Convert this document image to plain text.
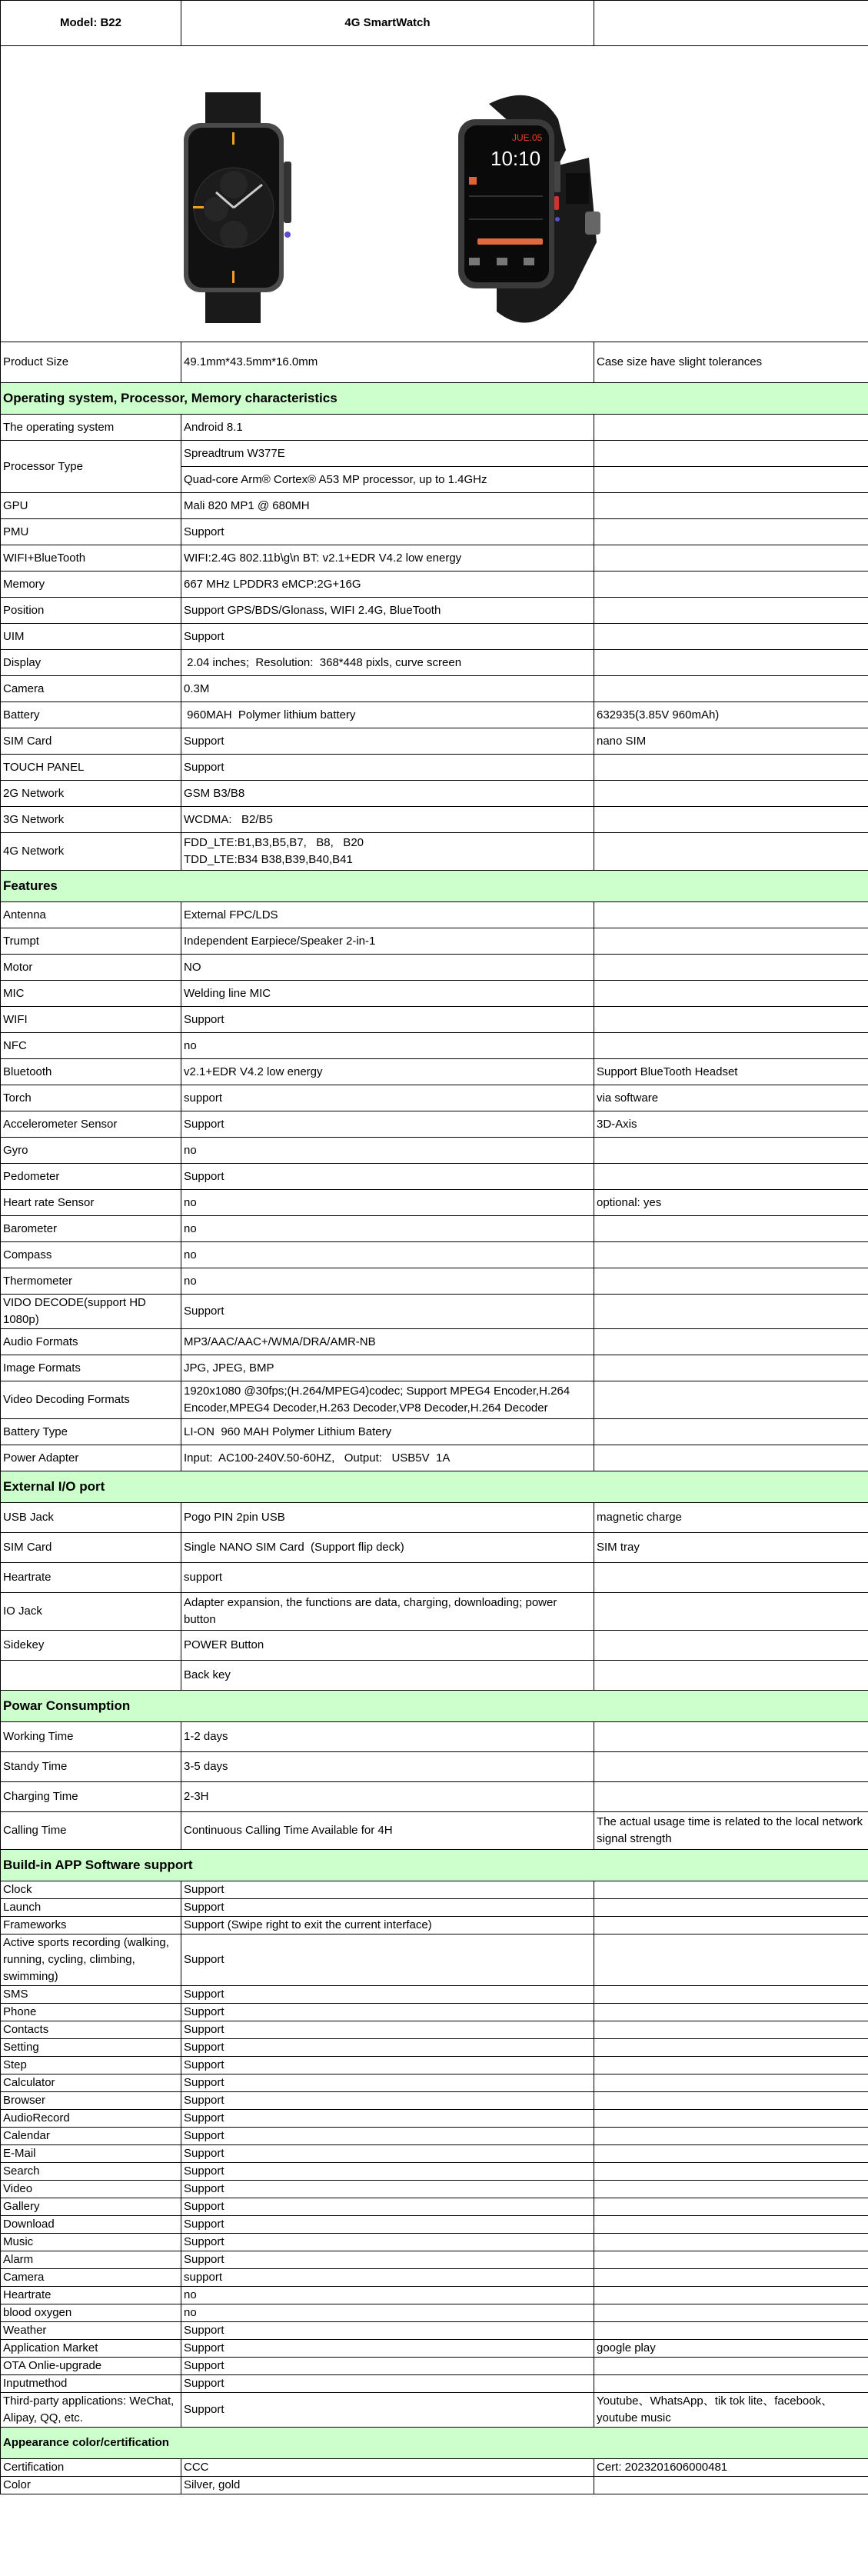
Model: B22	4G SmartWatch	

JUE.05
10:10		

Product Size	49.1mm*43.5mm*16.0mm	Case size have slight tolerances
Operating system, Processor, Memory characteristics		
The operating system	Android 8.1	
Processor Type	Spreadtrum W377E	
	Quad-core Arm® Cortex® A53 MP processor, up to 1.4GHz	
GPU	Mali 820 MP1 @ 680MH	
PMU	Support	
WIFI+BlueTooth	WIFI:2.4G 802.11b\g\n BT: v2.1+EDR V4.2 low energy	
Memory	667 MHz LPDDR3 eMCP:2G+16G	
Position	Support GPS/BDS/Glonass, WIFI 2.4G, BlueTooth	
UIM	Support	
Display	2.04 inches;  Resolution:  368*448 pixls, curve screen	
Camera	0.3M	
Battery	960MAH  Polymer lithium battery	632935(3.85V 960mAh)
SIM Card	Support	nano SIM
TOUCH PANEL	Support	
2G Network	GSM B3/B8	
3G Network	WCDMA:   B2/B5	
4G Network	FDD_LTE:B1,B3,B5,B7,   B8,   B20
TDD_LTE:B34 B38,B39,B40,B41	

Features		
Antenna	External FPC/LDS	
Trumpt	Independent Earpiece/Speaker 2-in-1	
Motor	NO	
MIC	Welding line MIC	
WIFI	Support	
NFC	no	
Bluetooth	v2.1+EDR V4.2 low energy	Support BlueTooth Headset
Torch	support	via software
Accelerometer Sensor	Support	3D-Axis
Gyro	no	
Pedometer	Support	
Heart rate Sensor	no	optional: yes
Barometer	no	
Compass	no	
Thermometer	no	
VIDO DECODE(support HD 1080p)	Support	
Audio Formats	MP3/AAC/AAC+/WMA/DRA/AMR-NB	
Image Formats	JPG, JPEG, BMP	
Video Decoding Formats	1920x1080 @30fps;(H.264/MPEG4)codec; Support MPEG4 Encoder,H.264 Encoder,MPEG4 Decoder,H.263 Decoder,VP8 Decoder,H.264 Decoder	

Battery Type	LI-ON  960 MAH Polymer Lithium Batery	
Power Adapter	Input:  AC100-240V.50-60HZ,   Output:   USB5V  1A	
External I/O port		
USB Jack	Pogo PIN 2pin USB	magnetic charge
SIM Card	Single NANO SIM Card  (Support flip deck)	SIM tray
Heartrate	support	
IO Jack	Adapter expansion, the functions are data, charging, downloading; power button	
Sidekey	POWER Button	
	Back key	
Powar Consumption		
Working Time	1-2 days	
Standy Time	3-5 days	
Charging Time	2-3H	
Calling Time	Continuous Calling Time Available for 4H	The actual usage time is related to the local network signal strength
Build-in APP Software support		
Clock	Support	
Launch	Support	
Frameworks	Support (Swipe right to exit the current interface)	
Active sports recording (walking, running, cycling, climbing, swimming)	Support	
SMS	Support	
Phone	Support	
Contacts	Support	
Setting	Support	
Step	Support	
Calculator	Support	
Browser	Support	
AudioRecord	Support	
Calendar	Support	
E-Mail	Support	
Search	Support	
Video	Support	
Gallery	Support	
Download	Support	
Music	Support	
Alarm	Support	
Camera	support	
Heartrate	no	
blood oxygen	no	
Weather	Support	
Application Market	Support	google play
OTA Onlie-upgrade	Support	
Inputmethod	Support	
Third-party applications: WeChat, Alipay, QQ, etc.	Support	Youtube、WhatsApp、tik tok lite、facebook、youtube music
Appearance color/certification		
Certification	CCC	Cert: 2023201606000481
Color	Silver, gold	
